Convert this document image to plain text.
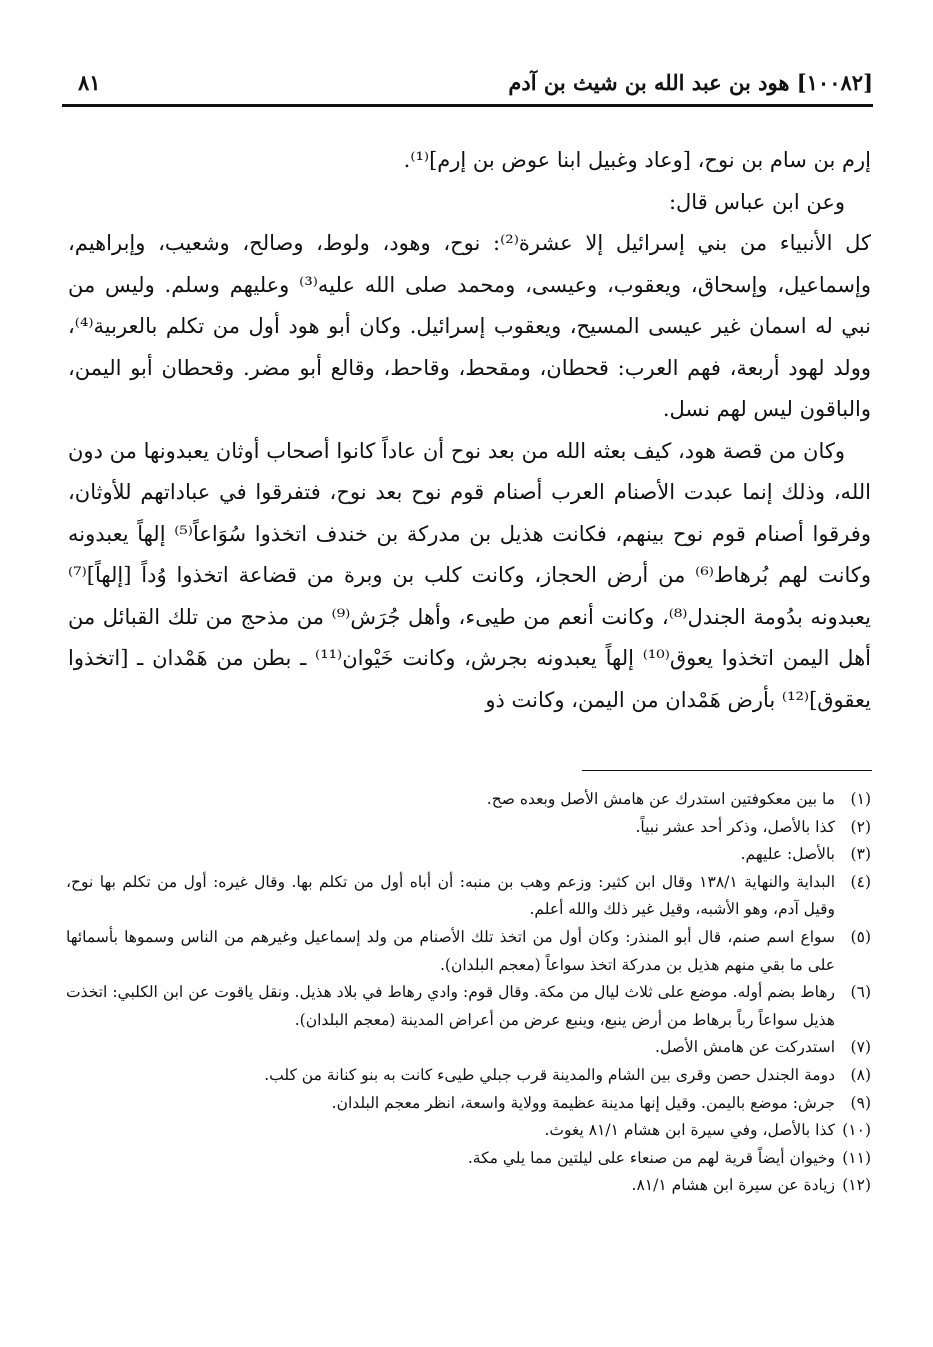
[١٠٠٨٢] هود بن عبد الله بن شيث بن آدم
٨١

إرم بن سام بن نوح، [وعاد وغبيل ابنا عوض بن إرم]⁽¹⁾.

وعن ابن عباس قال:

كل الأنبياء من بني إسرائيل إلا عشرة⁽²⁾: نوح، وهود، ولوط، وصالح، وشعيب، وإبراهيم، وإسماعيل، وإسحاق، ويعقوب، وعيسى، ومحمد صلى الله عليه⁽³⁾ وعليهم وسلم. وليس من نبي له اسمان غير عيسى المسيح، ويعقوب إسرائيل. وكان أبو هود أول من تكلم بالعربية⁽⁴⁾، وولد لهود أربعة، فهم العرب: قحطان، ومقحط، وقاحط، وقالع أبو مضر. وقحطان أبو اليمن، والباقون ليس لهم نسل.

وكان من قصة هود، كيف بعثه الله من بعد نوح أن عاداً كانوا أصحاب أوثان يعبدونها من دون الله، وذلك إنما عبدت الأصنام العرب أصنام قوم نوح بعد نوح، فتفرقوا في عباداتهم للأوثان، وفرقوا أصنام قوم نوح بينهم، فكانت هذيل بن مدركة بن خندف اتخذوا سُوَاعاً⁽⁵⁾ إلهاً يعبدونه وكانت لهم بُرهاط⁽⁶⁾ من أرض الحجاز، وكانت كلب بن وبرة من قضاعة اتخذوا وُداً [إلهاً]⁽⁷⁾ يعبدونه بدُومة الجندل⁽⁸⁾، وكانت أنعم من طيىء، وأهل جُرَش⁽⁹⁾ من مذحج من تلك القبائل من أهل اليمن اتخذوا يعوق⁽¹⁰⁾ إلهاً يعبدونه بجرش، وكانت خَيْوان⁽¹¹⁾ ـ بطن من هَمْدان ـ [اتخذوا يعقوق]⁽¹²⁾ بأرض هَمْدان من اليمن، وكانت ذو

(١)
ما بين معكوفتين استدرك عن هامش الأصل وبعده صح.
(٢)
كذا بالأصل، وذكر أحد عشر نبياً.
(٣)
بالأصل: عليهم.
(٤)
البداية والنهاية ١٣٨/١ وقال ابن كثير: وزعم وهب بن منبه: أن أباه أول من تكلم بها. وقال غيره: أول من تكلم بها نوح، وقيل آدم، وهو الأشبه، وقيل غير ذلك والله أعلم.
(٥)
سواع اسم صنم، قال أبو المنذر: وكان أول من اتخذ تلك الأصنام من ولد إسماعيل وغيرهم من الناس وسموها بأسمائها على ما بقي منهم هذيل بن مدركة اتخذ سواعاً (معجم البلدان).
(٦)
رهاط بضم أوله. موضع على ثلاث ليال من مكة. وقال قوم: وادي رهاط في بلاد هذيل. ونقل ياقوت عن ابن الكلبي: اتخذت هذيل سواعاً رباً برهاط من أرض ينبع، وينبع عرض من أعراض المدينة (معجم البلدان).
(٧)
استدركت عن هامش الأصل.
(٨)
دومة الجندل حصن وقرى بين الشام والمدينة قرب جبلي طيىء كانت به بنو كنانة من كلب.
(٩)
جرش: موضع باليمن. وقيل إنها مدينة عظيمة وولاية واسعة، انظر معجم البلدان.
(١٠)
كذا بالأصل، وفي سيرة ابن هشام ٨١/١ يغوث.
(١١)
وخيوان أيضاً قرية لهم من صنعاء على ليلتين مما يلي مكة.
(١٢)
زيادة عن سيرة ابن هشام ٨١/١.
